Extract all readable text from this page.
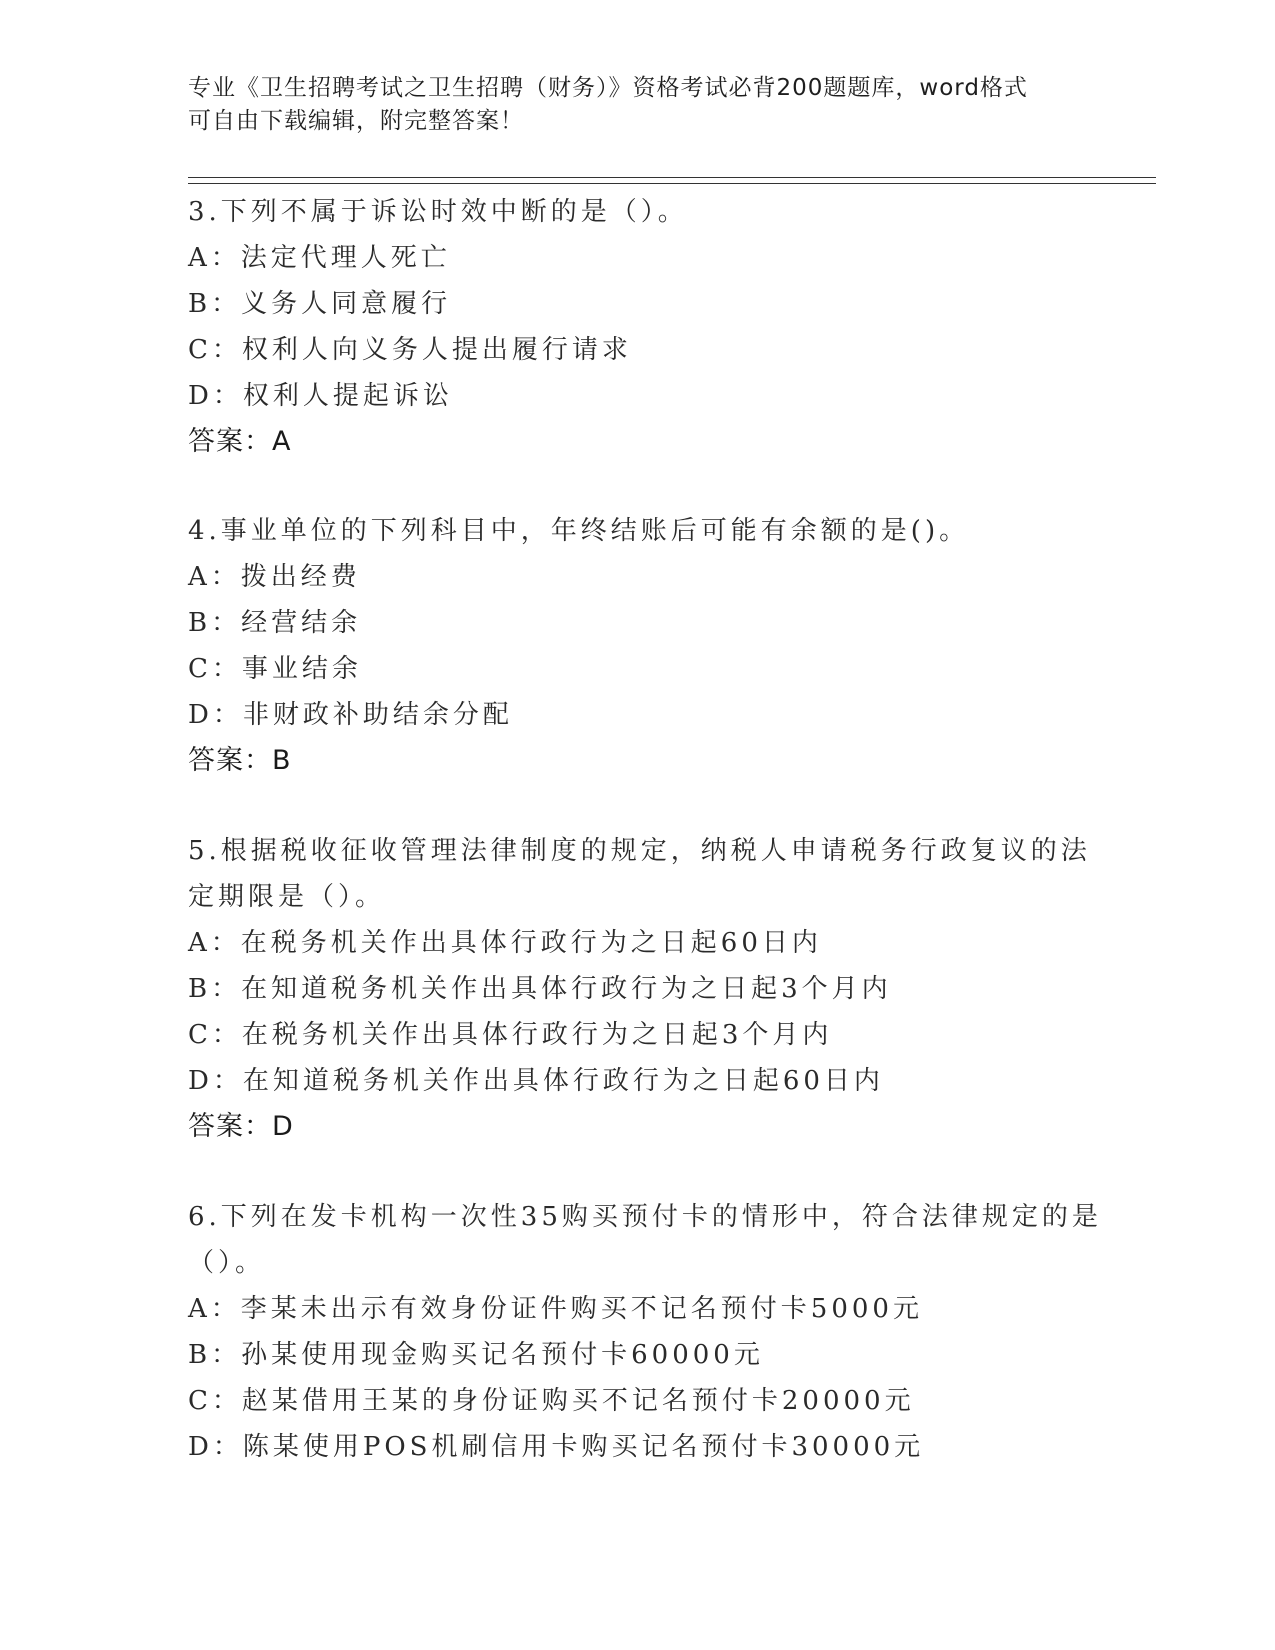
专业《卫生招聘考试之卫生招聘（财务）》资格考试必背200题题库，word格式
可自由下载编辑，附完整答案！
3.下列不属于诉讼时效中断的是（）。
A：法定代理人死亡
B：义务人同意履行
C：权利人向义务人提出履行请求
D：权利人提起诉讼
答案：A
4.事业单位的下列科目中，年终结账后可能有余额的是()。
A：拨出经费
B：经营结余
C：事业结余
D：非财政补助结余分配
答案：B
5.根据税收征收管理法律制度的规定，纳税人申请税务行政复议的法
定期限是（）。
A：在税务机关作出具体行政行为之日起60日内
B：在知道税务机关作出具体行政行为之日起3个月内
C：在税务机关作出具体行政行为之日起3个月内
D：在知道税务机关作出具体行政行为之日起60日内
答案：D
6.下列在发卡机构一次性35购买预付卡的情形中，符合法律规定的是
（）。
A：李某未出示有效身份证件购买不记名预付卡5000元
B：孙某使用现金购买记名预付卡60000元
C：赵某借用王某的身份证购买不记名预付卡20000元
D：陈某使用POS机刷信用卡购买记名预付卡30000元
